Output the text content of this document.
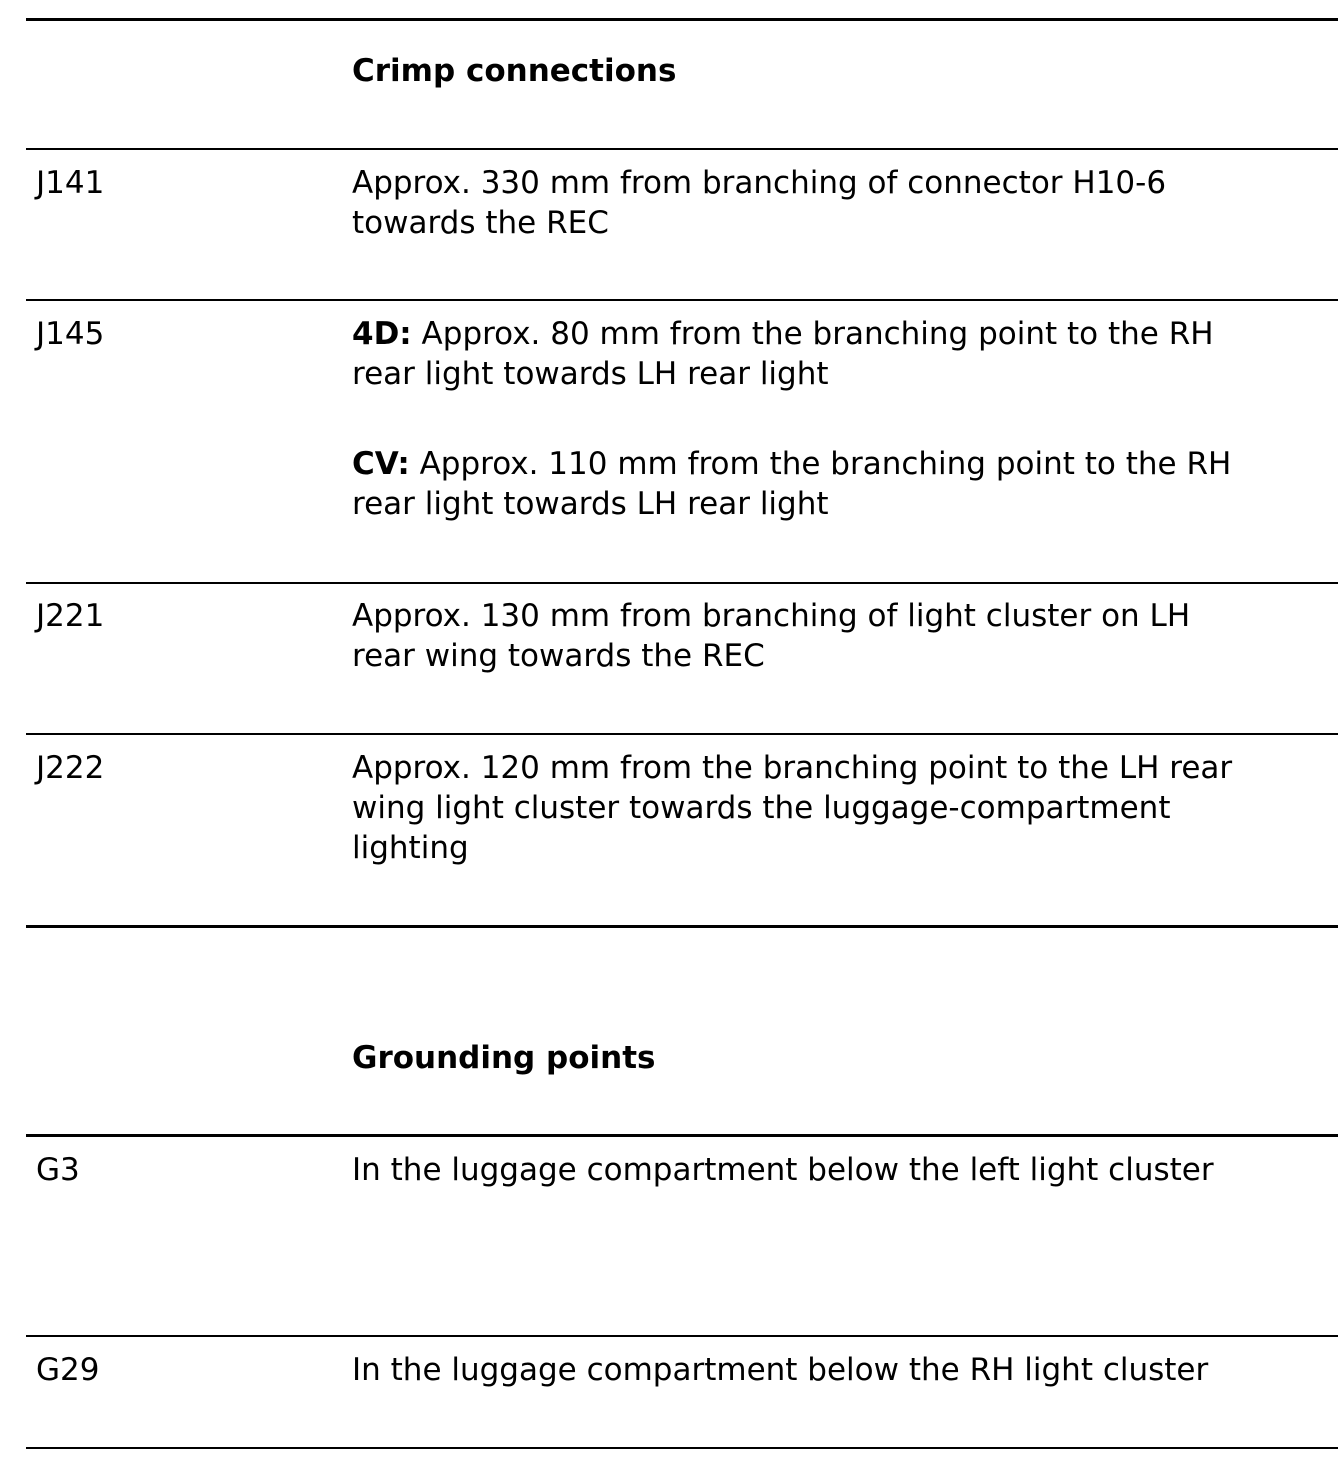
Crimp connections
J141	Approx. 330 mm from branching of connector H10-6
towards the REC
J145	4D: Approx. 80 mm from the branching point to the RH
rear light towards LH rear light
CV: Approx. 110 mm from the branching point to the RH
rear light towards LH rear light
J221	Approx. 130 mm from branching of light cluster on LH
rear wing towards the REC
J222	Approx. 120 mm from the branching point to the LH rear
wing light cluster towards the luggage-compartment
lighting
Grounding points
G3	In the luggage compartment below the left light cluster
G29	In the luggage compartment below the RH light cluster
